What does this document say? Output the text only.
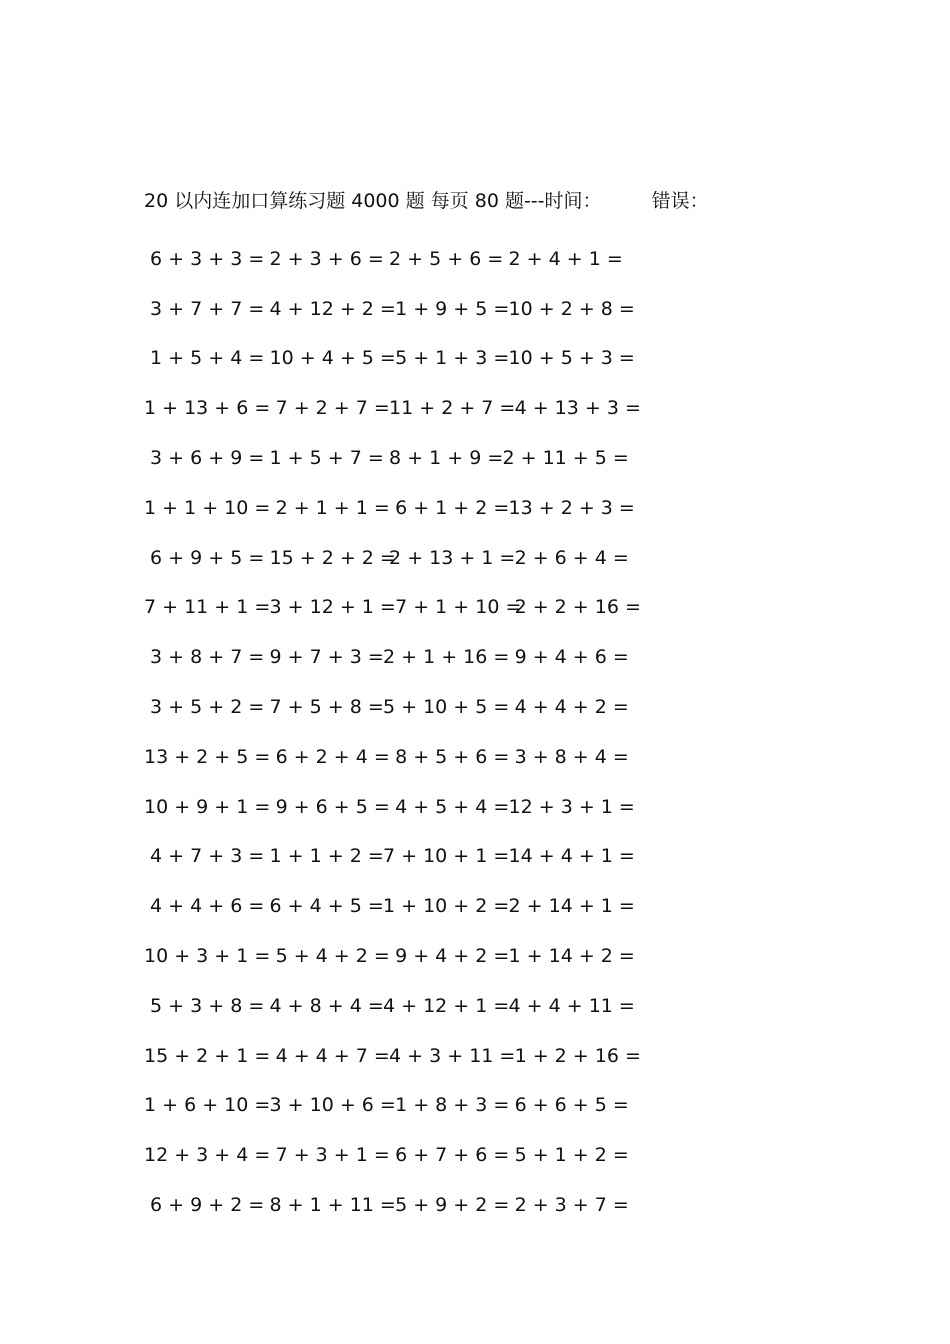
20 以内连加口算练习题 4000 题 每页 80 题---时间：	错误：
6 + 3 + 3 = 2 + 3 + 6 = 2 + 5 + 6 = 2 + 4 + 1 =
3 + 7 + 7 = 4 + 12 + 2 =
1 + 9 + 5 =
10 + 2 + 8 =
1 + 5 + 4 = 10 + 4 + 5 =
5 + 1 + 3 =
10 + 5 + 3 =
1 + 13 + 6 =
7 + 2 + 7 =
11 + 2 + 7 =
4 + 13 + 3 =
3 + 6 + 9 = 1 + 5 + 7 = 8 + 1 + 9 = 2 + 11 + 5 =
1 + 1 + 10 =
2 + 1 + 1 =
6 + 1 + 2 =
13 + 2 + 3 =
6 + 9 + 5 = 15 + 2 + 2 =
2 + 13 + 1 =
2 + 6 + 4 =
7 + 11 + 1 =
3 + 12 + 1 =
7 + 1 + 10 =
2 + 2 + 16 =
3 + 8 + 7 = 9 + 7 + 3 = 2 + 1 + 16 =
9 + 4 + 6 =
3 + 5 + 2 = 7 + 5 + 8 = 5 + 10 + 5 =
4 + 4 + 2 =
13 + 2 + 5 =
6 + 2 + 4 =
8 + 5 + 6 =
3 + 8 + 4 =
10 + 9 + 1 =
9 + 6 + 5 =
4 + 5 + 4 =
12 + 3 + 1 =
4 + 7 + 3 = 1 + 1 + 2 = 7 + 10 + 1 =
14 + 4 + 1 =
4 + 4 + 6 = 6 + 4 + 5 = 1 + 10 + 2 =
2 + 14 + 1 =
10 + 3 + 1 =
5 + 4 + 2 =
9 + 4 + 2 =
1 + 14 + 2 =
5 + 3 + 8 = 4 + 8 + 4 = 4 + 12 + 1 =
4 + 4 + 11 =
15 + 2 + 1 =
4 + 4 + 7 =
4 + 3 + 11 =
1 + 2 + 16 =
1 + 6 + 10 =
3 + 10 + 6 =
1 + 8 + 3 =
6 + 6 + 5 =
12 + 3 + 4 =
7 + 3 + 1 =
6 + 7 + 6 =
5 + 1 + 2 =
6 + 9 + 2 = 8 + 1 + 11 =
5 + 9 + 2 =
2 + 3 + 7 =
